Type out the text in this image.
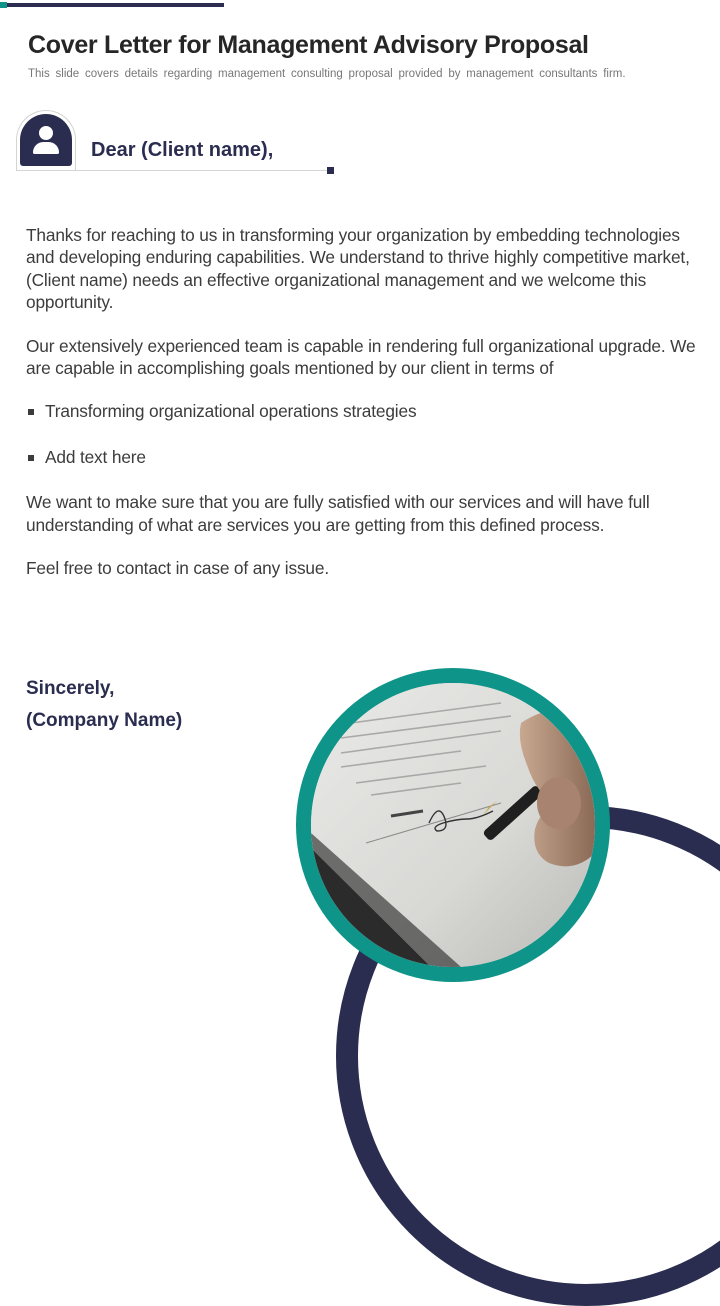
Cover Letter for Management Advisory Proposal

This slide covers details regarding management consulting proposal provided by management consultants firm.

Dear (Client name),

Thanks for reaching to us in transforming your organization by embedding technologies and developing enduring capabilities. We understand to thrive highly competitive market, (Client name) needs an effective organizational management and we welcome this opportunity.

Our extensively experienced team is capable in rendering full organizational upgrade. We are capable in accomplishing goals mentioned by our client in terms of

Transforming organizational operations strategies
Add text here

We want to make sure that you are fully satisfied with our services and will have full understanding of what are services you are getting from this defined process.

Feel free to contact in case of any issue.

Sincerely,
(Company Name)
